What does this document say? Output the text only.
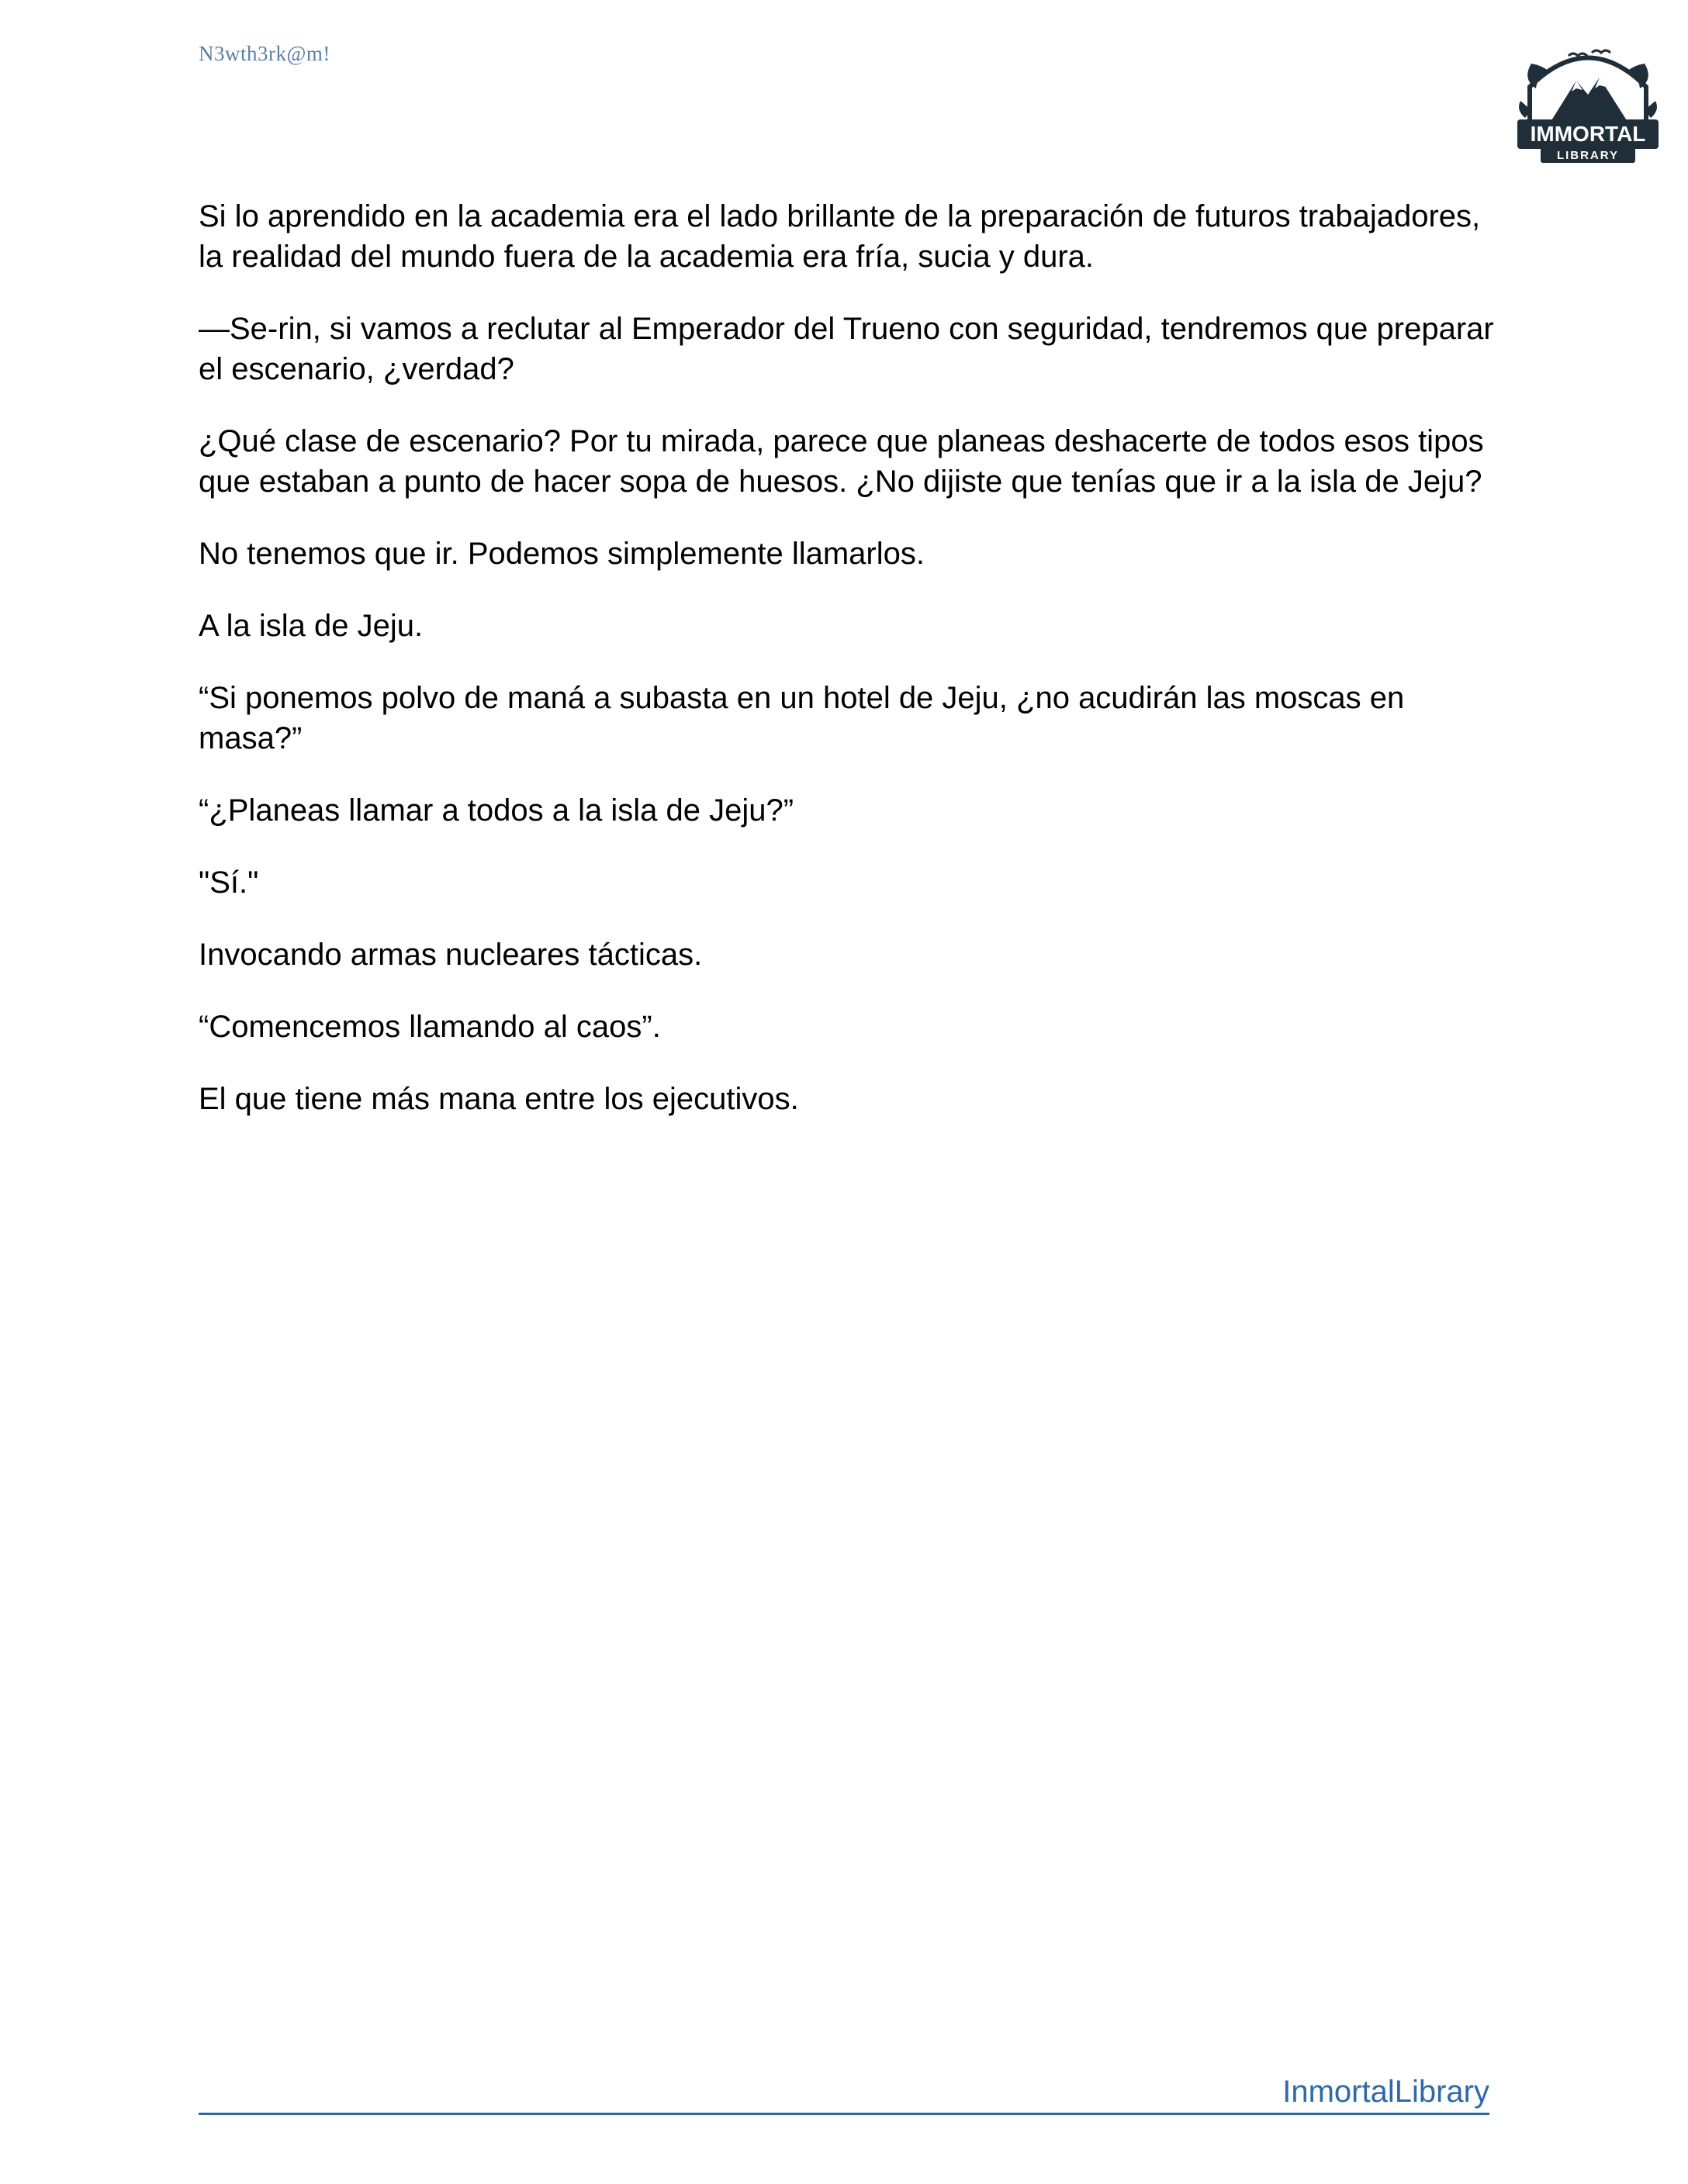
N3wth3rk@m!
IMMORTAL
LIBRARY

Si lo aprendido en la academia era el lado brillante de la preparación de futuros trabajadores, la realidad del mundo fuera de la academia era fría, sucia y dura.

—Se-rin, si vamos a reclutar al Emperador del Trueno con seguridad, tendremos que preparar el escenario, ¿verdad?

¿Qué clase de escenario? Por tu mirada, parece que planeas deshacerte de todos esos tipos que estaban a punto de hacer sopa de huesos. ¿No dijiste que tenías que ir a la isla de Jeju?

No tenemos que ir. Podemos simplemente llamarlos.

A la isla de Jeju.

“Si ponemos polvo de maná a subasta en un hotel de Jeju, ¿no acudirán las moscas en masa?”

“¿Planeas llamar a todos a la isla de Jeju?”

"Sí."

Invocando armas nucleares tácticas.

“Comencemos llamando al caos”.

El que tiene más mana entre los ejecutivos.

InmortalLibrary
